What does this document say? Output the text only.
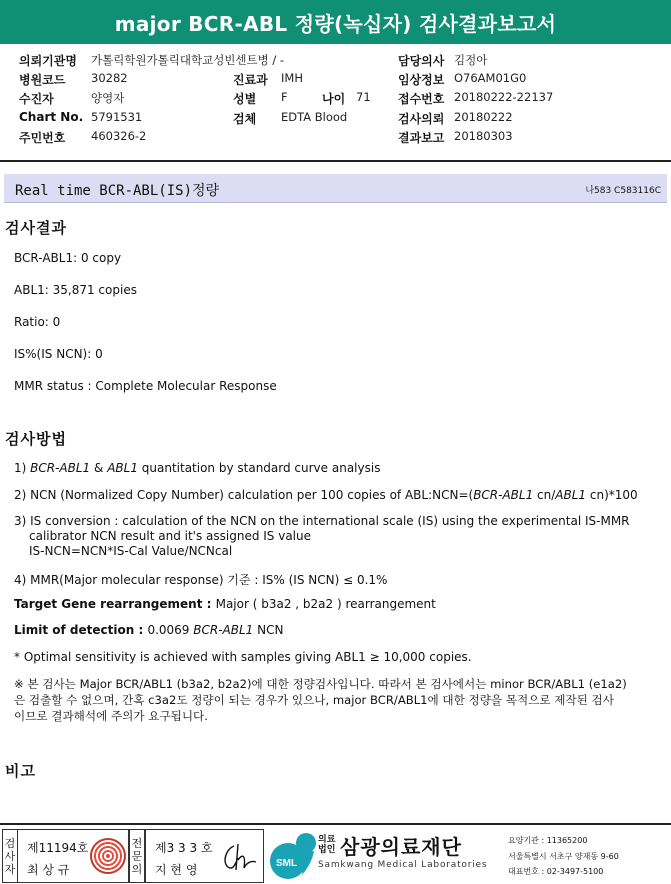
major BCR-ABL 정량(녹십자) 검사결과보고서
의뢰기관명 가톨릭학원가톨릭대학교성빈센트병 / -	담당의사 김정아
병원코드 30282	진료과 IMH	임상정보 O76AM01G0
수진자	양영자	성별 F	나이 71 접수번호 20180222-22137
Chart No. 5791531	검체 EDTA Blood	검사의뢰 20180222
주민번호 460326-2	결과보고 20180303
Real time BCR-ABL(IS)정량	나583 C583116C
검사결과
BCR-ABL1: 0 copy
ABL1: 35,871 copies
Ratio: 0
IS%(IS NCN): 0
MMR status : Complete Molecular Response
검사방법
1) BCR-ABL1 & ABL1 quantitation by standard curve analysis
2) NCN (Normalized Copy Number) calculation per 100 copies of ABL:NCN=(BCR-ABL1 cn/ABL1 cn)*100
3) IS conversion : calculation of the NCN on the international scale (IS) using the experimental IS-MMR
calibrator NCN result and it's assigned IS value
IS-NCN=NCN*IS-Cal Value/NCNcal
4) MMR(Major molecular response) 기준 : IS% (IS NCN) ≤ 0.1%
Target Gene rearrangement : Major ( b3a2 , b2a2 ) rearrangement
Limit of detection : 0.0069 BCR-ABL1 NCN
* Optimal sensitivity is achieved with samples giving ABL1 ≥ 10,000 copies.
※ 본 검사는 Major BCR/ABL1 (b3a2, b2a2)에 대한 정량검사입니다. 따라서 본 검사에서는 minor BCR/ABL1 (e1a2)
은 검출할 수 없으며, 간혹 c3a2도 정량이 되는 경우가 있으나, major BCR/ABL1에 대한 정량을 목적으로 제작된 검사
이므로 결과해석에 주의가 요구됩니다.
비고
검
사
자
제11194호
최 상 규
전
문
의
제3 3 3 호
지 현 영	SML
의료
법인 삼광의료재단
Samkwang Medical Laboratories
요양기관 : 11365200
서울특별시 서초구 양재동 9-60
대표번호 : 02-3497-5100
